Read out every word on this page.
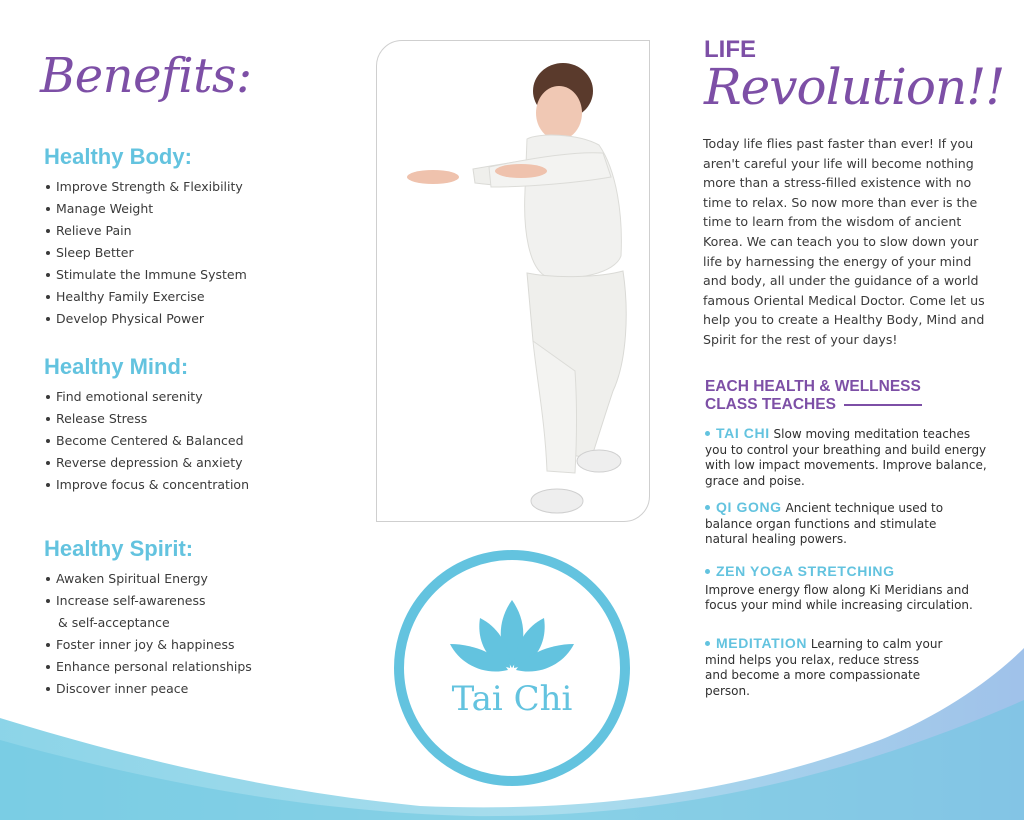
Benefits:
Healthy Body:
Improve Strength & Flexibility
Manage Weight
Relieve Pain
Sleep Better
Stimulate the Immune System
Healthy Family Exercise
Develop Physical Power
Healthy Mind:
Find emotional serenity
Release Stress
Become Centered & Balanced
Reverse depression & anxiety
Improve focus & concentration
Healthy Spirit:
Awaken Spiritual Energy
Increase self-awareness
& self-acceptance
Foster inner joy & happiness
Enhance personal relationships
Discover inner peace	Tai Chi
LIFE
Revolution!!

Today life flies past faster than ever! If you aren't careful your life will become nothing more than a stress-filled existence with no time to relax. So now more than ever is the time to learn from the wisdom of ancient Korea. We can teach you to slow down your life by harnessing the energy of your mind and body, all under the guidance of a world famous Oriental Medical Doctor. Come let us help you to create a Healthy Body, Mind and Spirit for the rest of your days!

EACH HEALTH & WELLNESS
CLASS TEACHES

TAI CHI Slow moving meditation teaches you to control your breathing and build energy with low impact movements. Improve balance, grace and poise.

QI GONG Ancient technique used to balance organ functions and stimulate natural healing powers.

ZEN YOGA STRETCHING
Improve energy flow along Ki Meridians and focus your mind while increasing circulation.

MEDITATION Learning to calm your mind helps you relax, reduce stress and become a more compassionate person.
